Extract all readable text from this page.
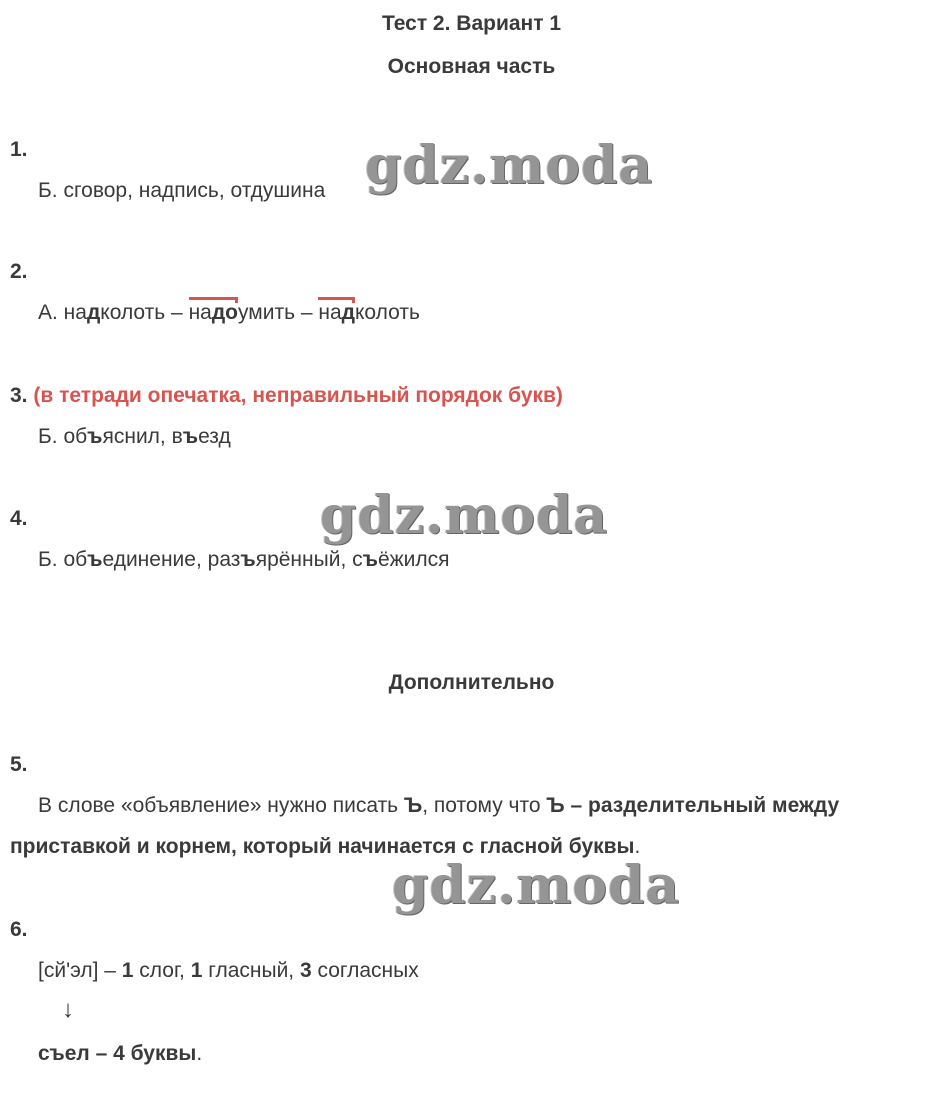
Тест 2. Вариант 1
Основная часть
1.
Б. сговор, надпись, отдушина
2.
А. надколоть –
надоумить –
надколоть
3. (в тетради опечатка, неправильный порядок букв)
Б. объяснил, въезд
4.
Б. объединение, разъярённый, съёжился
Дополнительно
5.
В слове «объявление» нужно писать Ъ, потому что Ъ – разделительный между
приставкой и корнем, который начинается с гласной буквы.
6.
[сй'эл] – 1 слог, 1 гласный, 3 согласных
↓
съел – 4 буквы.
gdz.moda
gdz.moda
gdz.moda
